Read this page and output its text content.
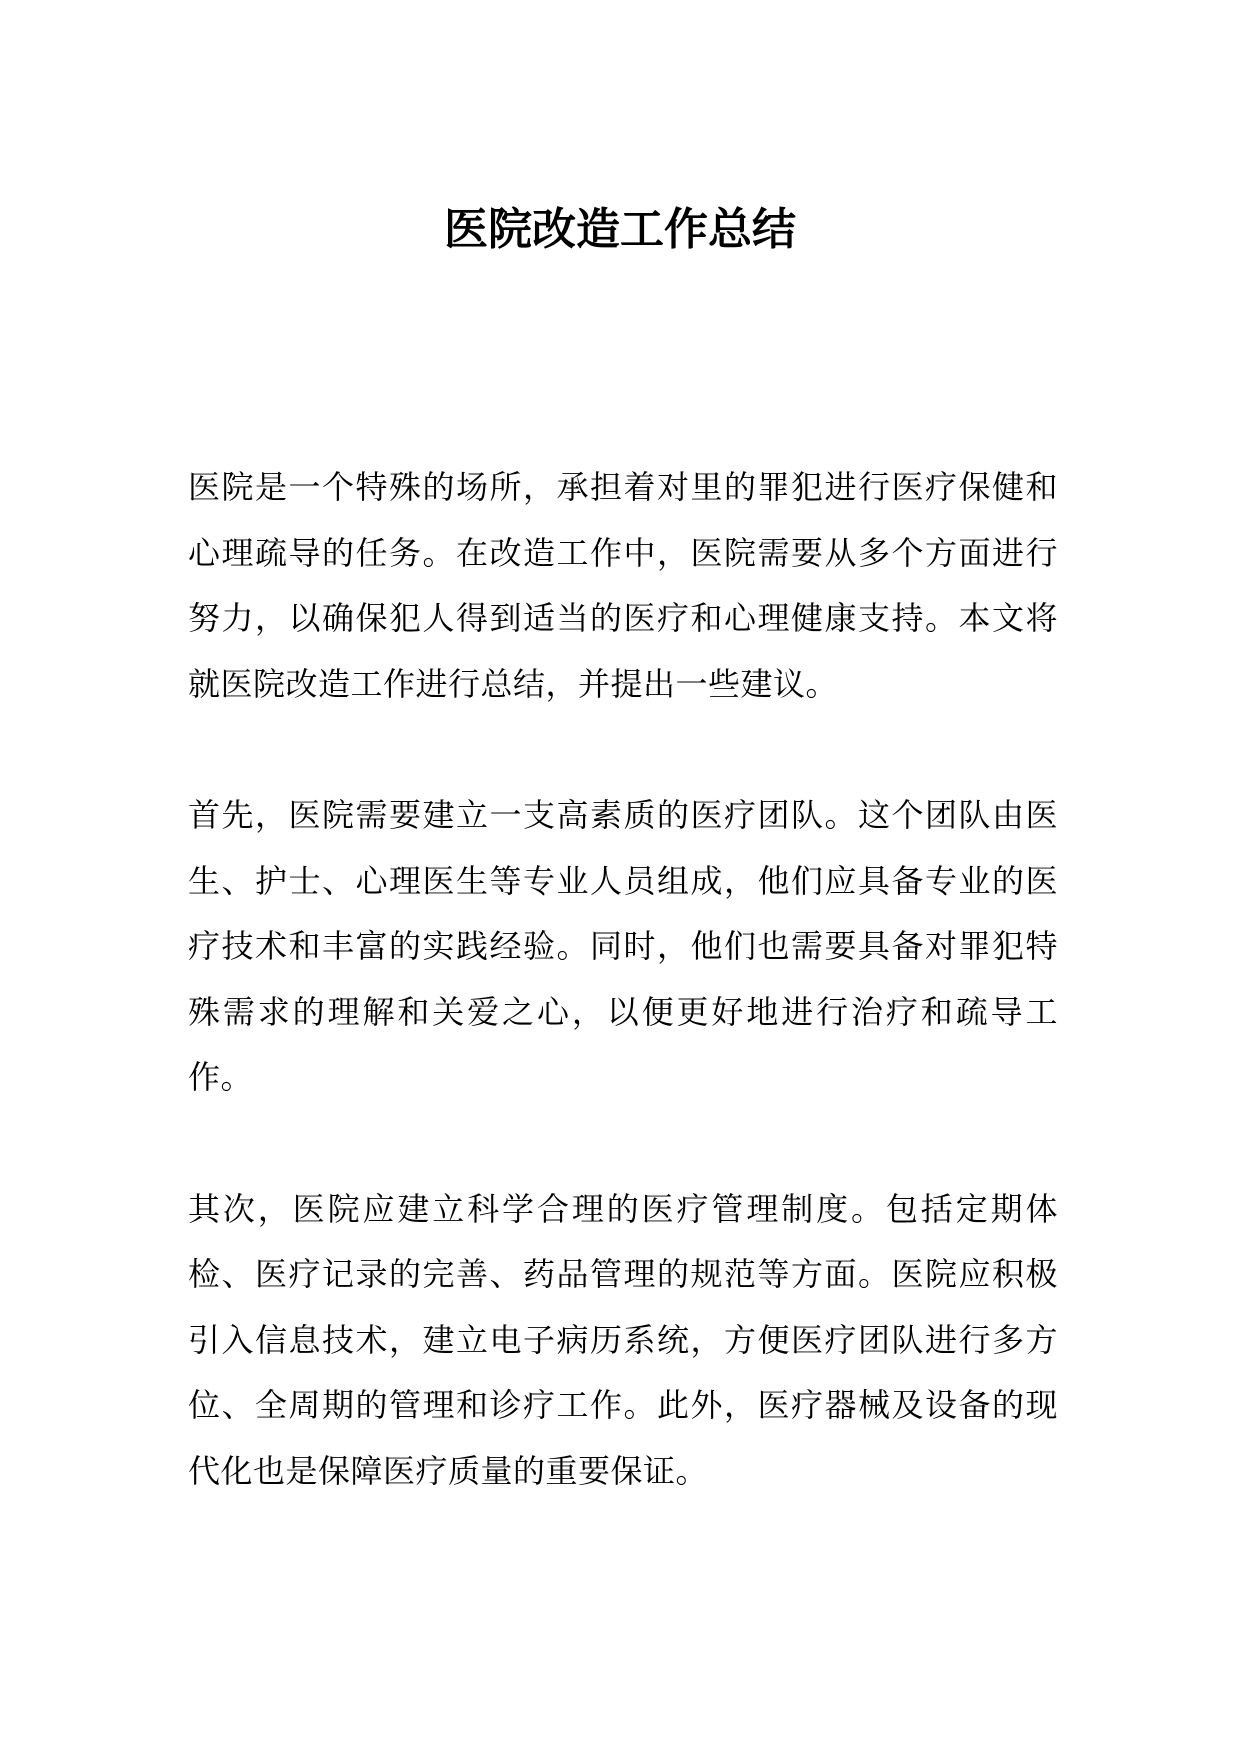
医院改造工作总结

医院是一个特殊的场所，承担着对里的罪犯进行医疗保健和心理疏导的任务。在改造工作中，医院需要从多个方面进行努力，以确保犯人得到适当的医疗和心理健康支持。本文将就医院改造工作进行总结，并提出一些建议。

首先，医院需要建立一支高素质的医疗团队。这个团队由医生、护士、心理医生等专业人员组成，他们应具备专业的医疗技术和丰富的实践经验。同时，他们也需要具备对罪犯特殊需求的理解和关爱之心，以便更好地进行治疗和疏导工作。

其次，医院应建立科学合理的医疗管理制度。包括定期体检、医疗记录的完善、药品管理的规范等方面。医院应积极引入信息技术，建立电子病历系统，方便医疗团队进行多方位、全周期的管理和诊疗工作。此外，医疗器械及设备的现代化也是保障医疗质量的重要保证。
